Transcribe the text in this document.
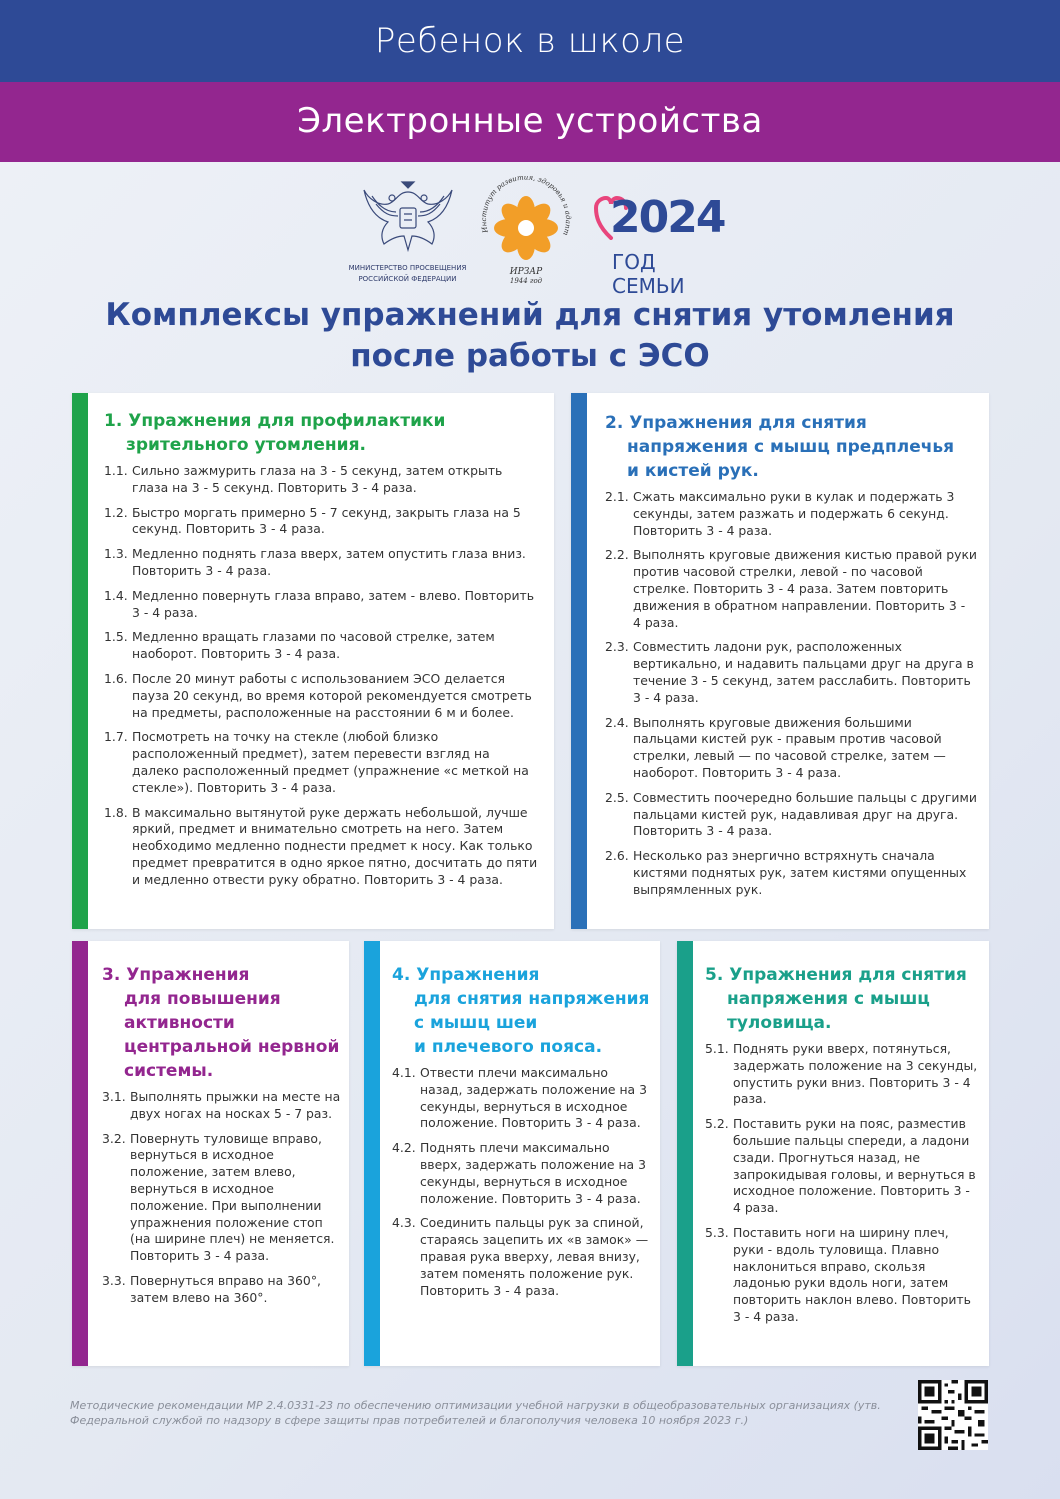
Ребенок в школе
Электронные устройства
МИНИСТЕРСТВО ПРОСВЕЩЕНИЯ
РОССИЙСКОЙ ФЕДЕРАЦИИ
Институт развития, здоровья и адапт
ИРЗАР
1944 год
2024
ГОД СЕМЬИ
Комплексы упражнений для снятия утомления
после работы с ЭСО
1. Упражнения для профилактики
зрительного утомления.
1.1. Сильно зажмурить глаза на 3 - 5 секунд, затем открыть глаза на 3 - 5 секунд. Повторить 3 - 4 раза.
1.2. Быстро моргать примерно 5 - 7 секунд, закрыть глаза на 5 секунд. Повторить 3 - 4 раза.
1.3. Медленно поднять глаза вверх, затем опустить глаза вниз. Повторить 3 - 4 раза.
1.4. Медленно повернуть глаза вправо, затем - влево. Повторить 3 - 4 раза.
1.5. Медленно вращать глазами по часовой стрелке, затем наоборот. Повторить 3 - 4 раза.
1.6. После 20 минут работы с использованием ЭСО делается пауза 20 секунд, во время которой рекомендуется смотреть на предметы, расположенные на расстоянии 6 м и более.
1.7. Посмотреть на точку на стекле (любой близко расположенный предмет), затем перевести взгляд на далеко расположенный предмет (упражнение «с меткой на стекле»). Повторить 3 - 4 раза.
1.8. В максимально вытянутой руке держать небольшой, лучше яркий, предмет и внимательно смотреть на него. Затем необходимо медленно поднести предмет к носу. Как только предмет превратится в одно яркое пятно, досчитать до пяти и медленно отвести руку обратно. Повторить 3 - 4 раза.
2. Упражнения для снятия
напряжения с мышц предплечья
и кистей рук.
2.1. Сжать максимально руки в кулак и подержать 3 секунды, затем разжать и подержать 6 секунд. Повторить 3 - 4 раза.
2.2. Выполнять круговые движения кистью правой руки против часовой стрелки, левой - по часовой стрелке. Повторить 3 - 4 раза. Затем повторить движения в обратном направлении. Повторить 3 - 4 раза.
2.3. Совместить ладони рук, расположенных вертикально, и надавить пальцами друг на друга в течение 3 - 5 секунд, затем расслабить. Повторить 3 - 4 раза.
2.4. Выполнять круговые движения большими пальцами кистей рук - правым против часовой стрелки, левый — по часовой стрелке, затем — наоборот. Повторить 3 - 4 раза.
2.5. Совместить поочередно большие пальцы с другими пальцами кистей рук, надавливая друг на друга. Повторить 3 - 4 раза.
2.6. Несколько раз энергично встряхнуть сначала кистями поднятых рук, затем кистями опущенных выпрямленных рук.
3. Упражнения
для повышения
активности
центральной нервной
системы.
3.1. Выполнять прыжки на месте на двух ногах на носках 5 - 7 раз.
3.2. Повернуть туловище вправо, вернуться в исходное положение, затем влево, вернуться в исходное положение. При выполнении упражнения положение стоп (на ширине плеч) не меняется. Повторить 3 - 4 раза.
3.3. Повернуться вправо на 360°, затем влево на 360°.
4. Упражнения
для снятия напряжения
с мышц шеи
и плечевого пояса.
4.1. Отвести плечи максимально назад, задержать положение на 3 секунды, вернуться в исходное положение. Повторить 3 - 4 раза.
4.2. Поднять плечи максимально вверх, задержать положение на 3 секунды, вернуться в исходное положение. Повторить 3 - 4 раза.
4.3. Соединить пальцы рук за спиной, стараясь зацепить их «в замок» — правая рука вверху, левая внизу, затем поменять положение рук. Повторить 3 - 4 раза.
5. Упражнения для снятия
напряжения с мышц
туловища.
5.1. Поднять руки вверх, потянуться, задержать положение на 3 секунды, опустить руки вниз. Повторить 3 - 4 раза.
5.2. Поставить руки на пояс, разместив большие пальцы спереди, а ладони сзади. Прогнуться назад, не запрокидывая головы, и вернуться в исходное положение. Повторить 3 - 4 раза.
5.3. Поставить ноги на ширину плеч, руки - вдоль туловища. Плавно наклониться вправо, скользя ладонью руки вдоль ноги, затем повторить наклон влево. Повторить 3 - 4 раза.
Методические рекомендации МР 2.4.0331-23 по обеспечению оптимизации учебной нагрузки в общеобразовательных организациях (утв. Федеральной службой по надзору в сфере защиты прав потребителей и благополучия человека 10 ноября 2023 г.)
